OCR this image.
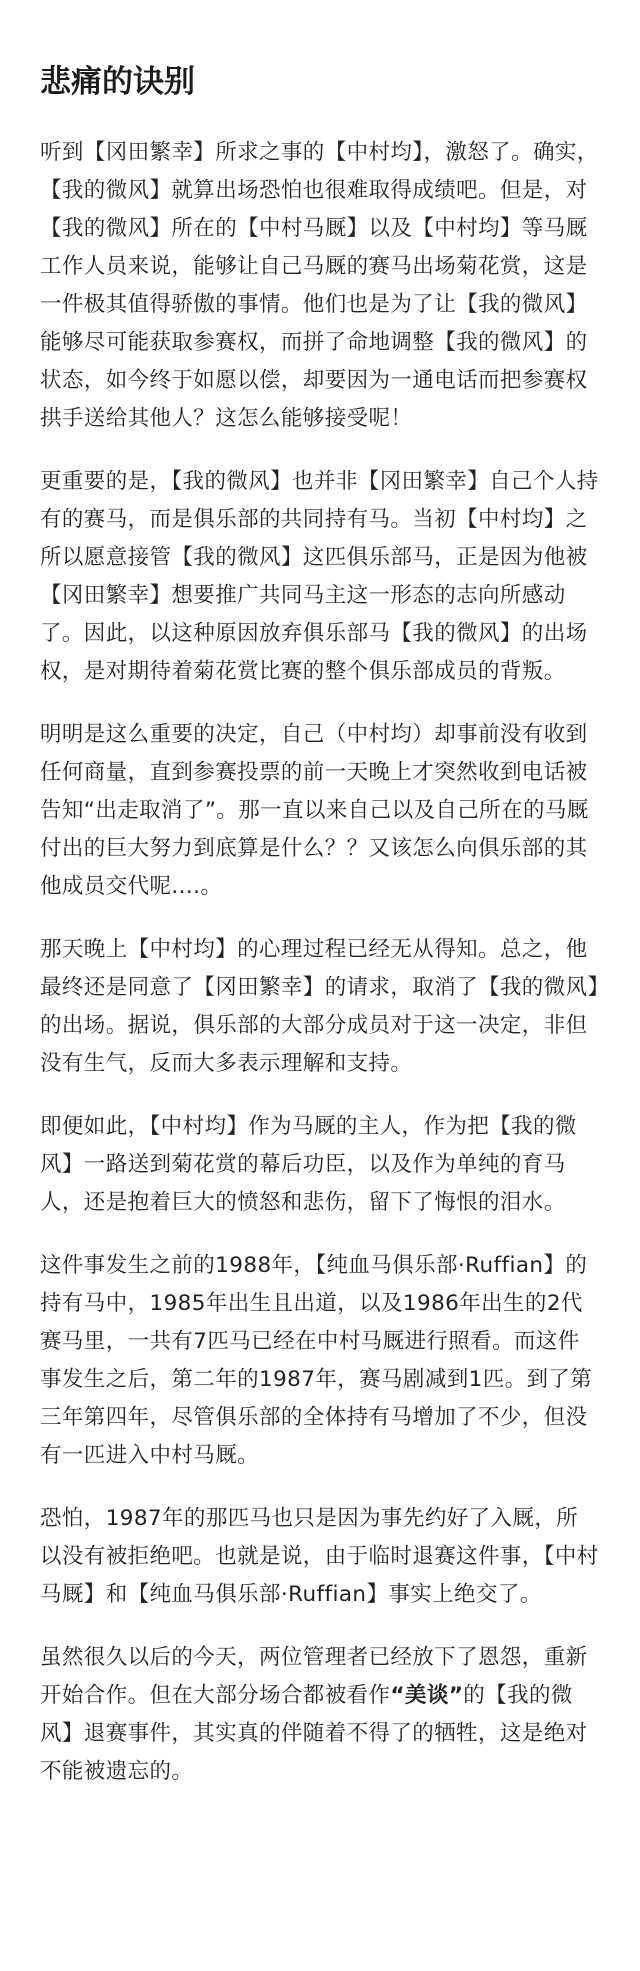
悲痛的诀别

听到【冈田繁幸】所求之事的【中村均】，激怒了。确实，【我的微风】就算出场恐怕也很难取得成绩吧。但是，对【我的微风】所在的【中村马厩】以及【中村均】等马厩工作人员来说，能够让自己马厩的赛马出场菊花赏，这是一件极其值得骄傲的事情。他们也是为了让【我的微风】能够尽可能获取参赛权，而拼了命地调整【我的微风】的状态，如今终于如愿以偿，却要因为一通电话而把参赛权拱手送给其他人？这怎么能够接受呢！

更重要的是，【我的微风】也并非【冈田繁幸】自己个人持有的赛马，而是俱乐部的共同持有马。当初【中村均】之所以愿意接管【我的微风】这匹俱乐部马，正是因为他被【冈田繁幸】想要推广共同马主这一形态的志向所感动了。因此，以这种原因放弃俱乐部马【我的微风】的出场权，是对期待着菊花赏比赛的整个俱乐部成员的背叛。

明明是这么重要的决定，自己（中村均）却事前没有收到任何商量，直到参赛投票的前一天晚上才突然收到电话被告知“出走取消了”。那一直以来自己以及自己所在的马厩付出的巨大努力到底算是什么？？又该怎么向俱乐部的其他成员交代呢....。

那天晚上【中村均】的心理过程已经无从得知。总之，他最终还是同意了【冈田繁幸】的请求，取消了【我的微风】的出场。据说，俱乐部的大部分成员对于这一决定，非但没有生气，反而大多表示理解和支持。

即便如此，【中村均】作为马厩的主人，作为把【我的微风】一路送到菊花赏的幕后功臣，以及作为单纯的育马人，还是抱着巨大的愤怒和悲伤，留下了悔恨的泪水。

这件事发生之前的1988年，【纯血马俱乐部·Ruffian】的持有马中，1985年出生且出道，以及1986年出生的2代赛马里，一共有7匹马已经在中村马厩进行照看。而这件事发生之后，第二年的1987年，赛马剧减到1匹。到了第三年第四年，尽管俱乐部的全体持有马增加了不少，但没有一匹进入中村马厩。

恐怕，1987年的那匹马也只是因为事先约好了入厩，所以没有被拒绝吧。也就是说，由于临时退赛这件事，【中村马厩】和【纯血马俱乐部·Ruffian】事实上绝交了。

虽然很久以后的今天，两位管理者已经放下了恩怨，重新开始合作。但在大部分场合都被看作“美谈”的【我的微风】退赛事件，其实真的伴随着不得了的牺牲，这是绝对不能被遗忘的。
